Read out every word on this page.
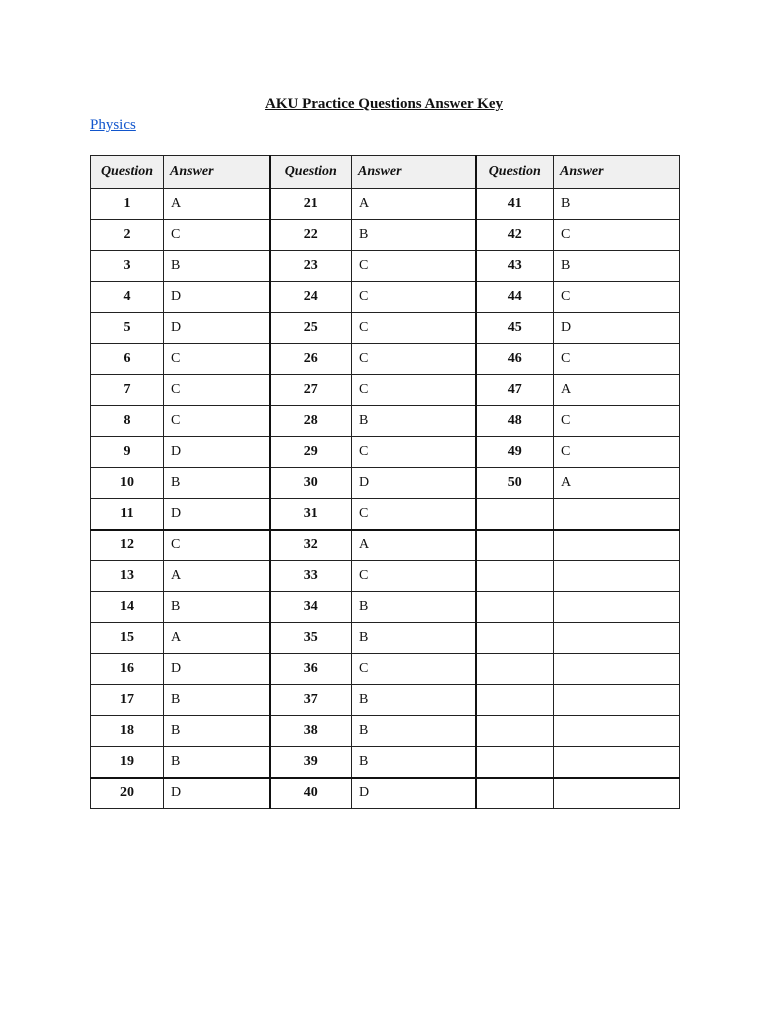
AKU Practice Questions Answer Key
Physics
Question	Answer	Question	Answer	Question	Answer
1	A	21	A	41	B
2	C	22	B	42	C
3	B	23	C	43	B
4	D	24	C	44	C
5	D	25	C	45	D
6	C	26	C	46	C
7	C	27	C	47	A
8	C	28	B	48	C
9	D	29	C	49	C
10	B	30	D	50	A
11	D	31	C		
12	C	32	A		
13	A	33	C		
14	B	34	B		
15	A	35	B		
16	D	36	C		
17	B	37	B		
18	B	38	B		
19	B	39	B		
20	D	40	D		
